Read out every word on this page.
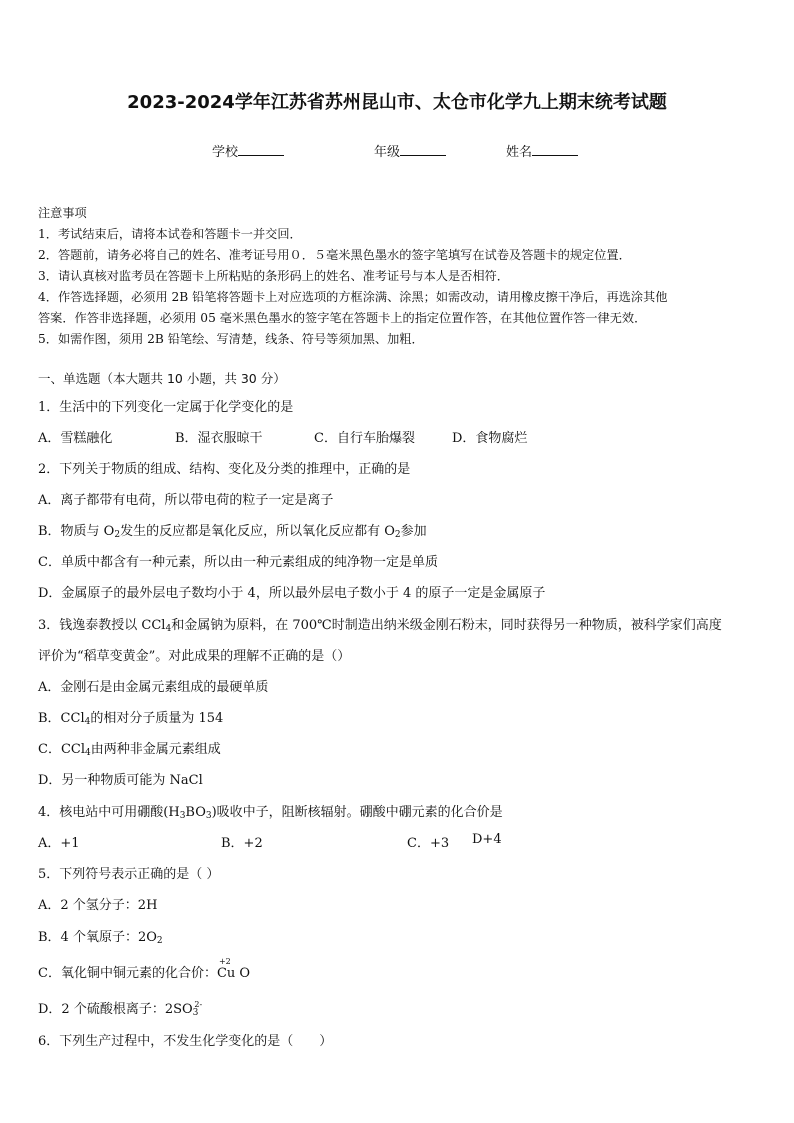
2023-2024学年江苏省苏州昆山市、太仓市化学九上期末统考试题
学校	年级	姓名
注意事项
1．考试结束后，请将本试卷和答题卡一并交回．
2．答题前，请务必将自己的姓名、准考证号用０．５毫米黑色墨水的签字笔填写在试卷及答题卡的规定位置．
3．请认真核对监考员在答题卡上所粘贴的条形码上的姓名、准考证号与本人是否相符．
4．作答选择题，必须用 2B 铅笔将答题卡上对应选项的方框涂满、涂黑；如需改动，请用橡皮擦干净后，再选涂其他
答案．作答非选择题，必须用 05 毫米黑色墨水的签字笔在答题卡上的指定位置作答，在其他位置作答一律无效．
5．如需作图，须用 2B 铅笔绘、写清楚，线条、符号等须加黑、加粗．
一、单选题（本大题共 10 小题，共 30 分）
1．生活中的下列变化一定属于化学变化的是
A．雪糕融化	B．湿衣服晾干	C．自行车胎爆裂	D．食物腐烂
2．下列关于物质的组成、结构、变化及分类的推理中，正确的是
A．离子都带有电荷，所以带电荷的粒子一定是离子
B．物质与 $O_2$发生的反应都是氧化反应，所以氧化反应都有 $O_2$参加
C．单质中都含有一种元素，所以由一种元素组成的纯净物一定是单质
D．金属原子的最外层电子数均小于 4，所以最外层电子数小于 4 的原子一定是金属原子
3．钱逸泰教授以 CCl$_4$和金属钠为原料，在 700℃时制造出纳米级金刚石粉末，同时获得另一种物质，被科学家们高度
评价为“稻草变黄金”。对此成果的理解不正确的是（）
A．金刚石是由金属元素组成的最硬单质
B．CCl$_4$的相对分子质量为 154
C．CCl$_4$由两种非金属元素组成
D．另一种物质可能为 NaCl
4．核电站中可用硼酸$(H_3BO_3)$吸收中子，阻断核辐射。硼酸中硼元素的化合价是
A．+1	B．+2	C．+3 D+4
5．下列符号表示正确的是（ ）
A．2 个氢分子：2H
B．4 个氧原子：$2O_2$
C．氧化铜中铜元素的化合价：
+2
Cu O
D．2 个硫酸根离子：$2SO_3^{2-}$
6．下列生产过程中，不发生化学变化的是（　　）
